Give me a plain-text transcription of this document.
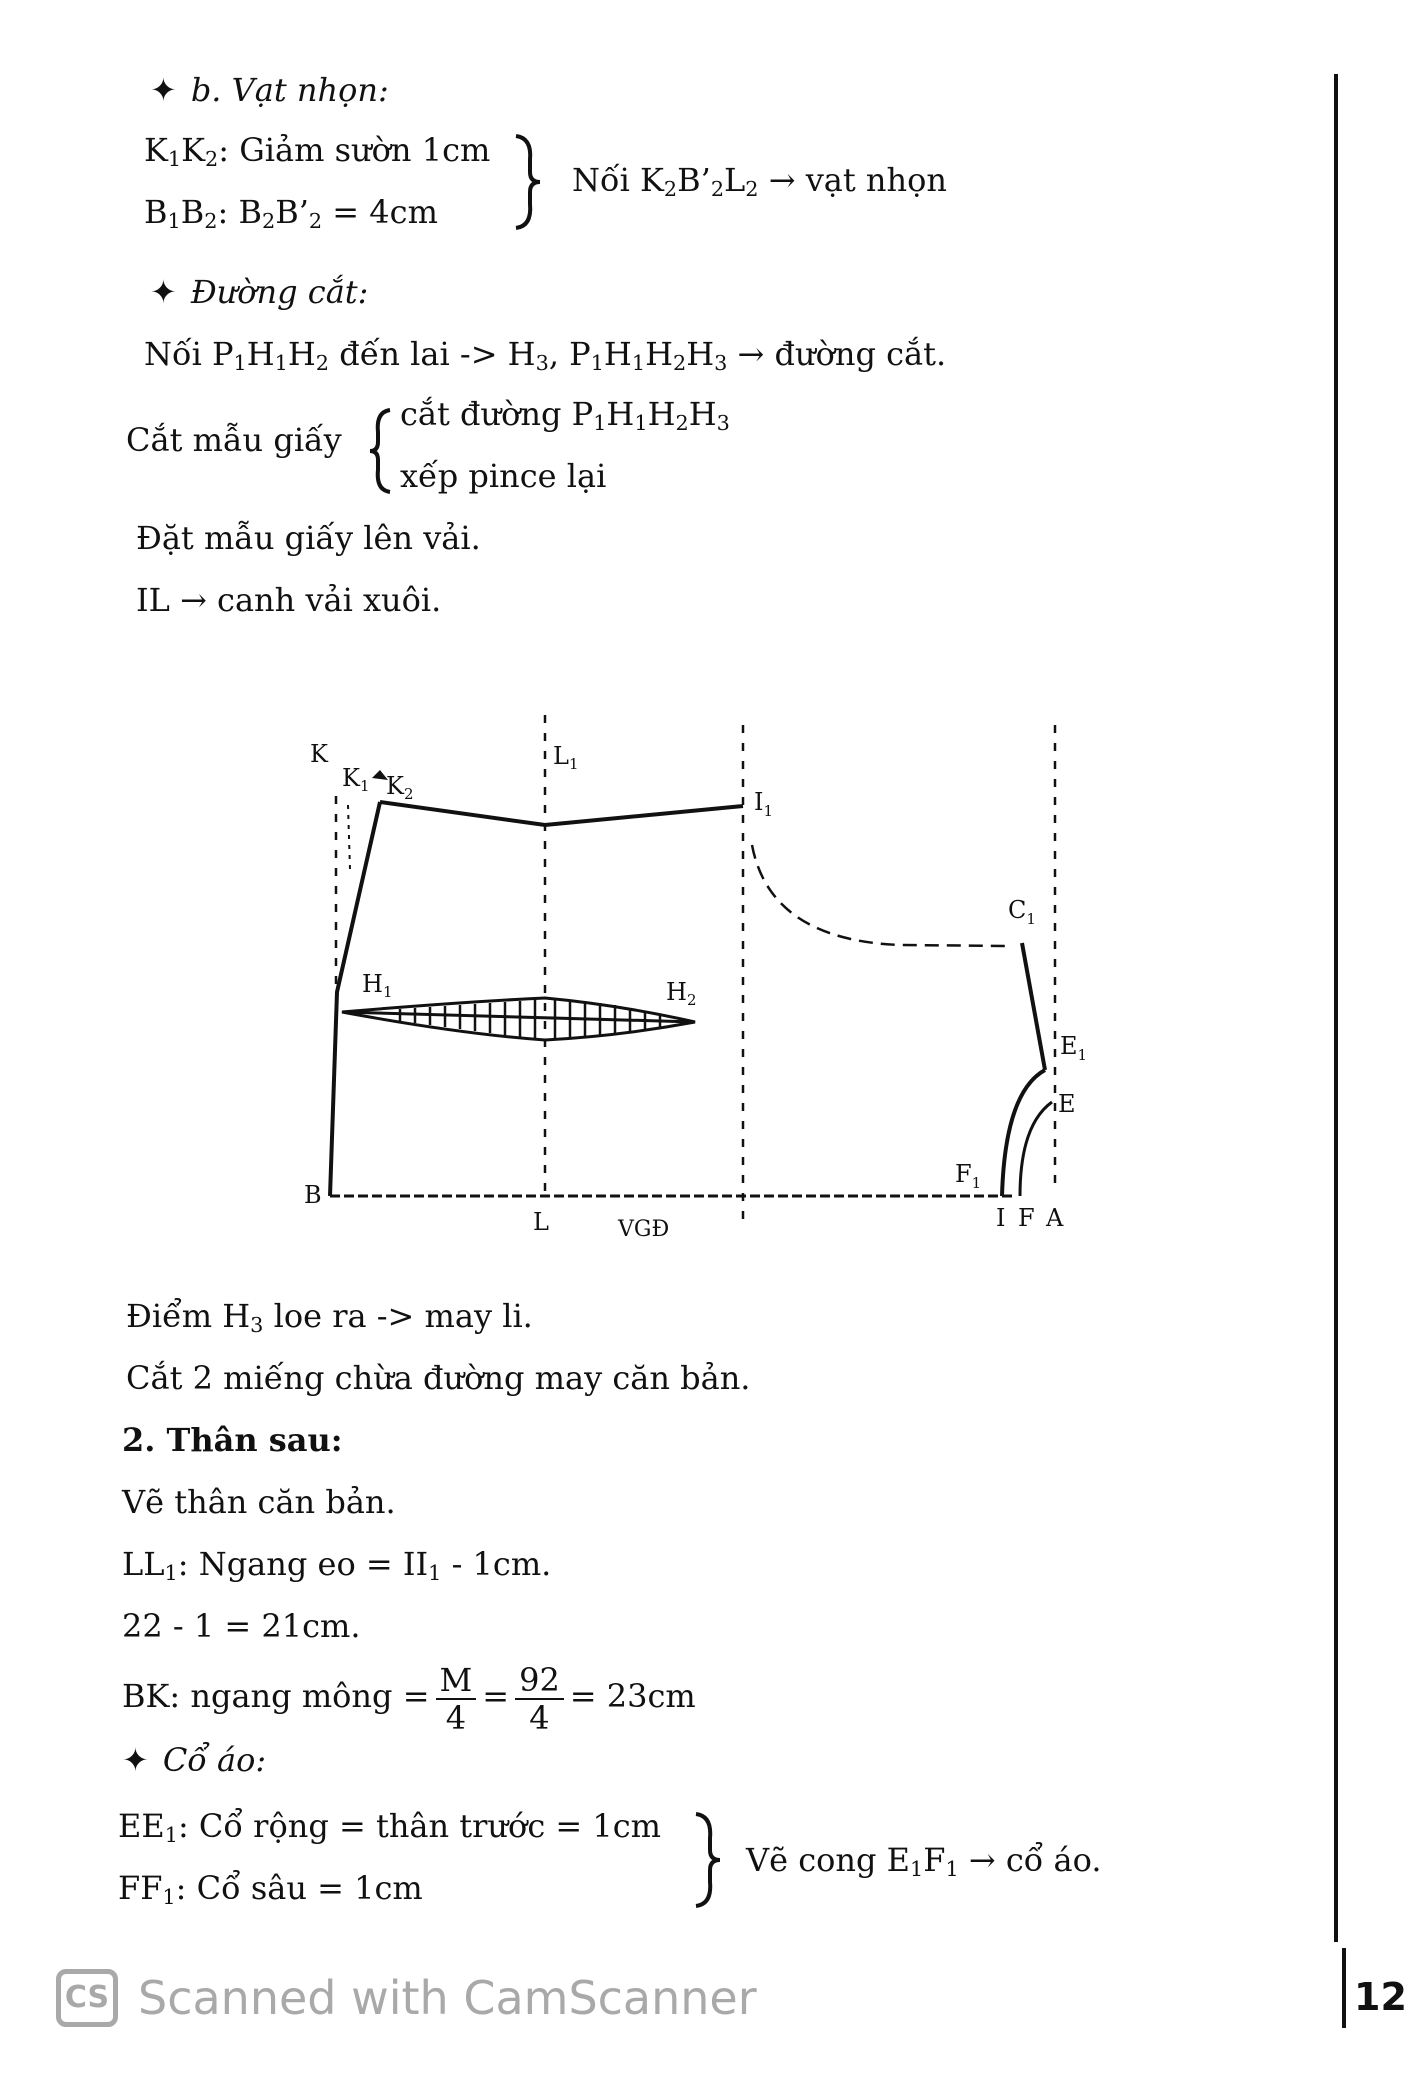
✦ b. Vạt nhọn:
$K_1K_2$: Giảm sườn 1cm
$B_1B_2$: $B_2B’_2 = 4cm$
Nối $K_2B’_2L_2$ → vạt nhọn
✦ Đường cắt:
Nối $P_1H_1H_2$ đến lai -> $H_3$, $P_1H_1H_2H_3$ → đường cắt.
Cắt mẫu giấy
cắt đường $P_1H_1H_2H_3$
xếp pince lại
Đặt mẫu giấy lên vải.
IL → canh vải xuôi.
K
$K_1$ $K_2$
$L_1$
$I_1$
$C_1$
$H_1$	$H_2$
$E_1$
E
$F_1$
B
L	VGĐ	I F A
Điểm $H_3$ loe ra -> may li.
Cắt 2 miếng chừa đường may căn bản.
2. Thân sau:
Vẽ thân căn bản.
$LL_1$: Ngang eo = $II_1 - 1cm$.
22 - 1 = 21cm.
BK: ngang mông = $\frac{M}{4} = \frac{92}{4} = 23cm$
✦ Cổ áo:
$EE_1$: Cổ rộng = thân trước = 1cm
$FF_1$: Cổ sâu = 1cm
Vẽ cong $E_1F_1$ → cổ áo.
CS Scanned with CamScanner	12
